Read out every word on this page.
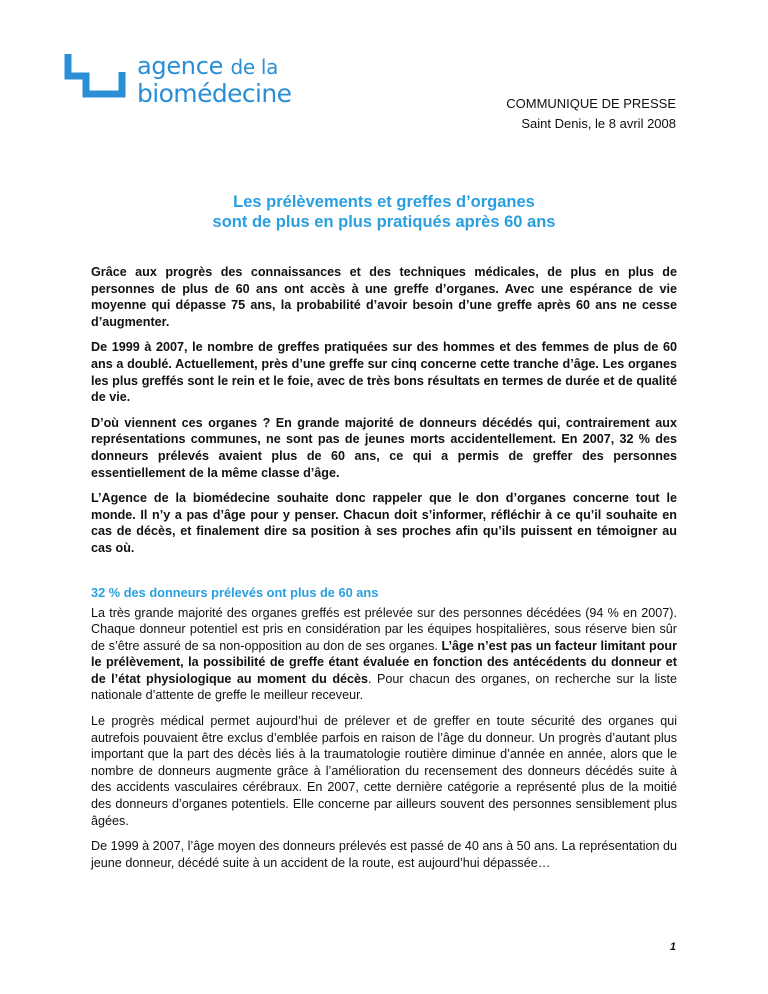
agence de la
biomédecine	COMMUNIQUE DE PRESSE
Saint Denis, le 8 avril 2008
Les prélèvements et greffes d’organes
sont de plus en plus pratiqués après 60 ans

Grâce aux progrès des connaissances et des techniques médicales, de plus en plus de personnes de plus de 60 ans ont accès à une greffe d’organes. Avec une espérance de vie moyenne qui dépasse 75 ans, la probabilité d’avoir besoin d’une greffe après 60 ans ne cesse d’augmenter.

De 1999 à 2007, le nombre de greffes pratiquées sur des hommes et des femmes de plus de 60 ans a doublé. Actuellement, près d’une greffe sur cinq concerne cette tranche d’âge. Les organes les plus greffés sont le rein et le foie, avec de très bons résultats en termes de durée et de qualité de vie.

D’où viennent ces organes ? En grande majorité de donneurs décédés qui, contrairement aux représentations communes, ne sont pas de jeunes morts accidentellement. En 2007, 32 % des donneurs prélevés avaient plus de 60 ans, ce qui a permis de greffer des personnes essentiellement de la même classe d’âge.

L’Agence de la biomédecine souhaite donc rappeler que le don d’organes concerne tout le monde. Il n’y a pas d’âge pour y penser. Chacun doit s’informer, réfléchir à ce qu’il souhaite en cas de décès, et finalement dire sa position à ses proches afin qu’ils puissent en témoigner au cas où.

32 % des donneurs prélevés ont plus de 60 ans

La très grande majorité des organes greffés est prélevée sur des personnes décédées (94 % en 2007). Chaque donneur potentiel est pris en considération par les équipes hospitalières, sous réserve bien sûr de s’être assuré de sa non-opposition au don de ses organes. L’âge n’est pas un facteur limitant pour le prélèvement, la possibilité de greffe étant évaluée en fonction des antécédents du donneur et de l’état physiologique au moment du décès. Pour chacun des organes, on recherche sur la liste nationale d’attente de greffe le meilleur receveur.

Le progrès médical permet aujourd’hui de prélever et de greffer en toute sécurité des organes qui autrefois pouvaient être exclus d’emblée parfois en raison de l’âge du donneur. Un progrès d’autant plus important que la part des décès liés à la traumatologie routière diminue d’année en année, alors que le nombre de donneurs augmente grâce à l’amélioration du recensement des donneurs décédés suite à des accidents vasculaires cérébraux. En 2007, cette dernière catégorie a représenté plus de la moitié des donneurs d’organes potentiels. Elle concerne par ailleurs souvent des personnes sensiblement plus âgées.

De 1999 à 2007, l’âge moyen des donneurs prélevés est passé de 40 ans à 50 ans. La représentation du jeune donneur, décédé suite à un accident de la route, est aujourd’hui dépassée…

1
